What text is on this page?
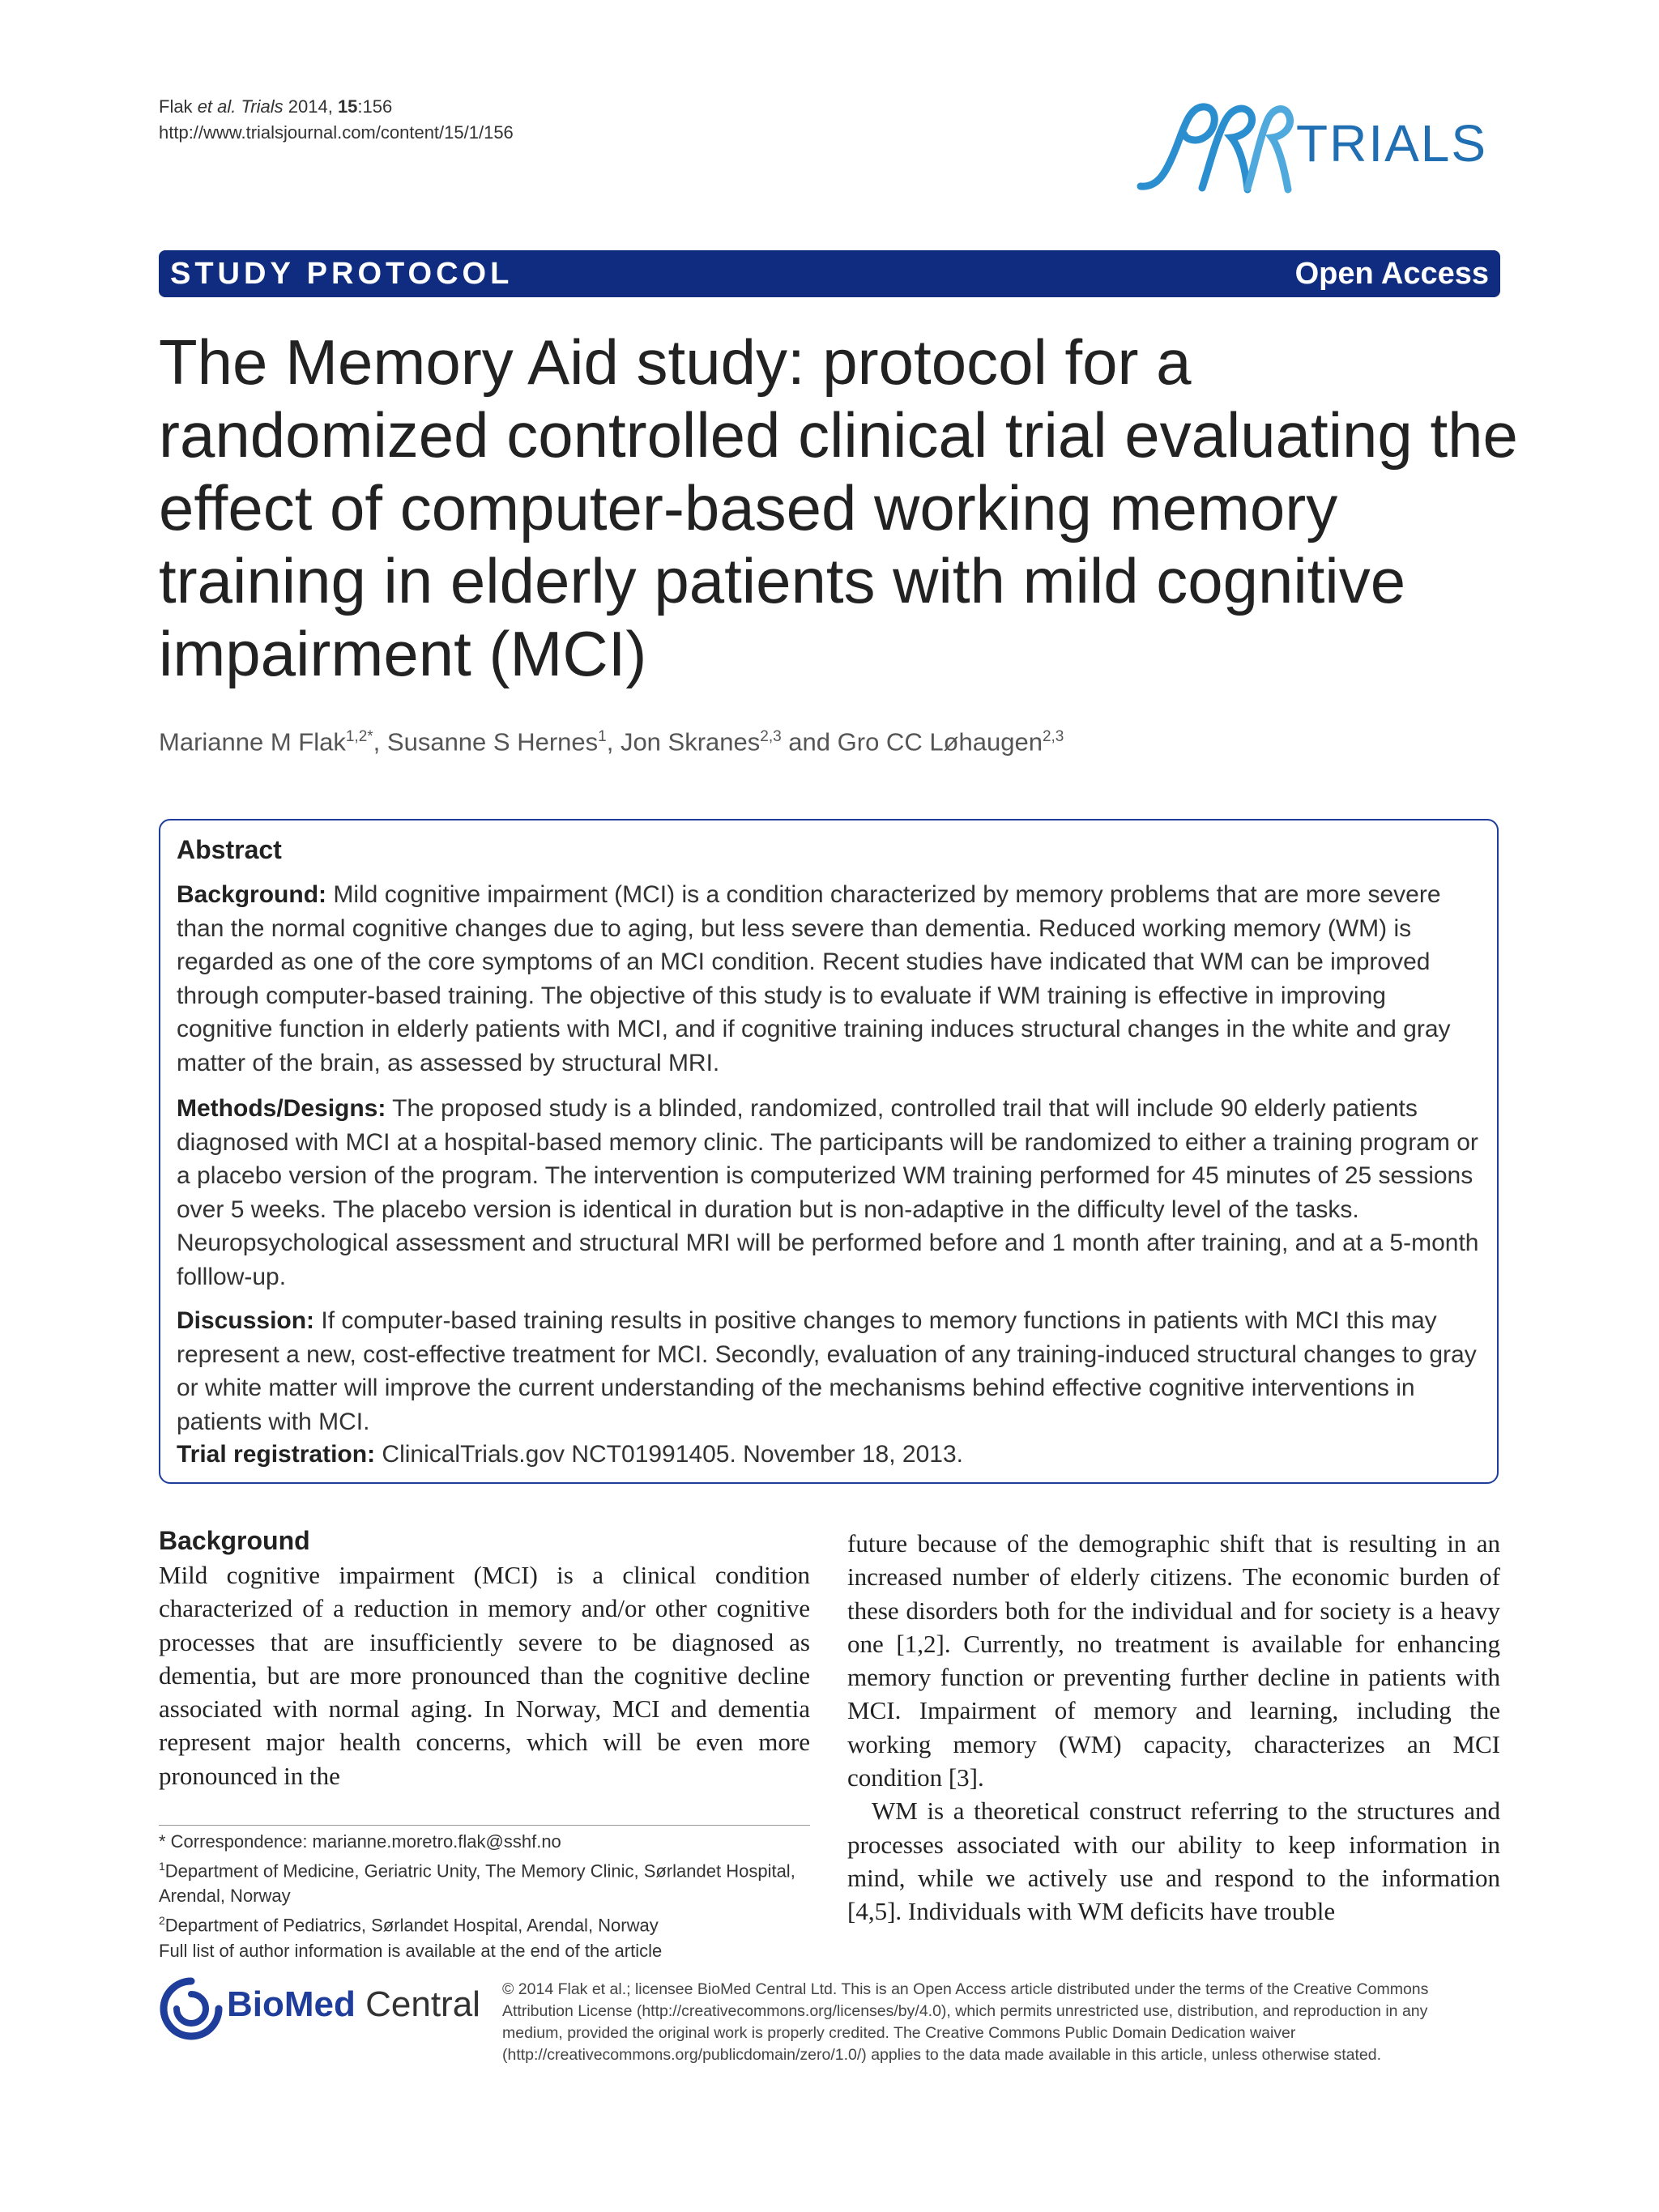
Flak et al. Trials 2014, 15:156
http://www.trialsjournal.com/content/15/1/156	TRIALS
STUDY PROTOCOL	Open Access
The Memory Aid study: protocol for a randomized controlled clinical trial evaluating the effect of computer-based working memory training in elderly patients with mild cognitive impairment (MCI)
Marianne M Flak$^{1,2*}$, Susanne S Hernes$^1$, Jon Skranes$^{2,3}$ and Gro CC Løhaugen$^{2,3}$
Abstract

Background: Mild cognitive impairment (MCI) is a condition characterized by memory problems that are more severe than the normal cognitive changes due to aging, but less severe than dementia. Reduced working memory (WM) is regarded as one of the core symptoms of an MCI condition. Recent studies have indicated that WM can be improved through computer-based training. The objective of this study is to evaluate if WM training is effective in improving cognitive function in elderly patients with MCI, and if cognitive training induces structural changes in the white and gray matter of the brain, as assessed by structural MRI.

Methods/Designs: The proposed study is a blinded, randomized, controlled trail that will include 90 elderly patients diagnosed with MCI at a hospital-based memory clinic. The participants will be randomized to either a training program or a placebo version of the program. The intervention is computerized WM training performed for 45 minutes of 25 sessions over 5 weeks. The placebo version is identical in duration but is non-adaptive in the difficulty level of the tasks. Neuropsychological assessment and structural MRI will be performed before and 1 month after training, and at a 5-month folllow-up.

Discussion: If computer-based training results in positive changes to memory functions in patients with MCI this may represent a new, cost-effective treatment for MCI. Secondly, evaluation of any training-induced structural changes to gray or white matter will improve the current understanding of the mechanisms behind effective cognitive interventions in patients with MCI.

Trial registration: ClinicalTrials.gov NCT01991405. November 18, 2013.

Background

Mild cognitive impairment (MCI) is a clinical condition characterized of a reduction in memory and/or other cognitive processes that are insufficiently severe to be diagnosed as dementia, but are more pronounced than the cognitive decline associated with normal aging. In Norway, MCI and dementia represent major health concerns, which will be even more pronounced in the

future because of the demographic shift that is resulting in an increased number of elderly citizens. The economic burden of these disorders both for the individual and for society is a heavy one [1,2]. Currently, no treatment is available for enhancing memory function or preventing further decline in patients with MCI. Impairment of memory and learning, including the working memory (WM) capacity, characterizes an MCI condition [3].

WM is a theoretical construct referring to the structures and processes associated with our ability to keep information in mind, while we actively use and respond to the information [4,5]. Individuals with WM deficits have trouble

* Correspondence: marianne.moretro.flak@sshf.no
$^1$Department of Medicine, Geriatric Unity, The Memory Clinic, Sørlandet Hospital, Arendal, Norway
$^2$Department of Pediatrics, Sørlandet Hospital, Arendal, Norway
Full list of author information is available at the end of the article
BioMed Central © 2014 Flak et al.; licensee BioMed Central Ltd. This is an Open Access article distributed under the terms of the Creative Commons Attribution License (http://creativecommons.org/licenses/by/4.0), which permits unrestricted use, distribution, and reproduction in any medium, provided the original work is properly credited. The Creative Commons Public Domain Dedication waiver (http://creativecommons.org/publicdomain/zero/1.0/) applies to the data made available in this article, unless otherwise stated.
